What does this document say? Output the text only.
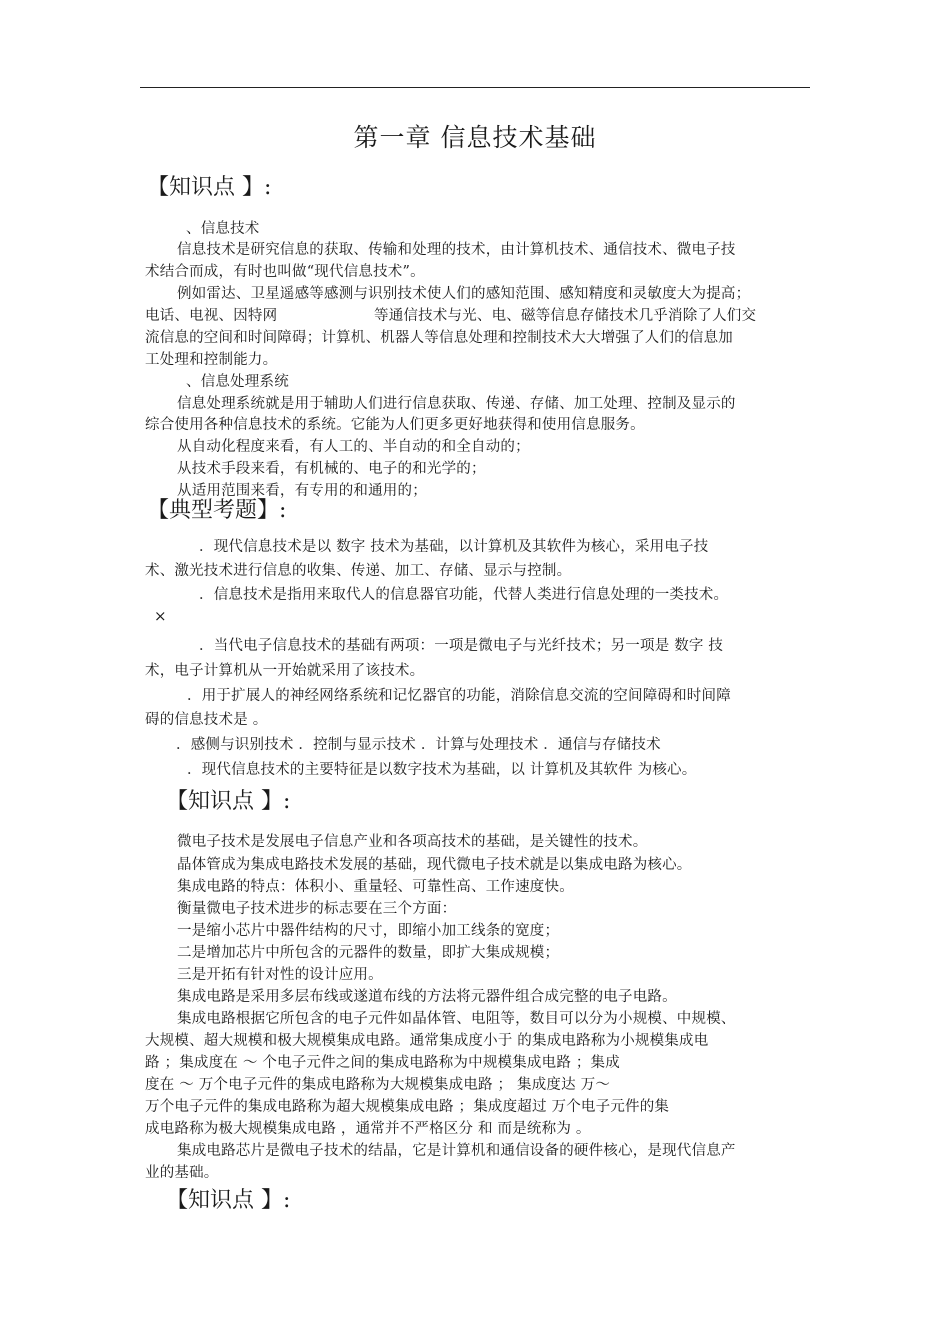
第一章 信息技术基础
【知识点 】:
、信息技术
信息技术是研究信息的获取、传输和处理的技术，由计算机技术、通信技术、微电子技
术结合而成，有时也叫做“现代信息技术”。
例如雷达、卫星遥感等感测与识别技术使人们的感知范围、感知精度和灵敏度大为提高；
电话、电视、因特网	等通信技术与光、电、磁等信息存储技术几乎消除了人们交
流信息的空间和时间障碍；计算机、机器人等信息处理和控制技术大大增强了人们的信息加
工处理和控制能力。
、信息处理系统
信息处理系统就是用于辅助人们进行信息获取、传递、存储、加工处理、控制及显示的
综合使用各种信息技术的系统。它能为人们更多更好地获得和使用信息服务。
从自动化程度来看，有人工的、半自动的和全自动的；
从技术手段来看，有机械的、电子的和光学的；
从适用范围来看，有专用的和通用的；
【典型考题】:
．现代信息技术是以 数字 技术为基础，以计算机及其软件为核心，采用电子技
术、激光技术进行信息的收集、传递、加工、存储、显示与控制。
．信息技术是指用来取代人的信息器官功能，代替人类进行信息处理的一类技术。
×
．当代电子信息技术的基础有两项：一项是微电子与光纤技术；另一项是 数字 技
术，电子计算机从一开始就采用了该技术。
．用于扩展人的神经网络系统和记忆器官的功能，消除信息交流的空间障碍和时间障
碍的信息技术是 。
．感侧与识别技术 ．控制与显示技术 ．计算与处理技术 ．通信与存储技术
．现代信息技术的主要特征是以数字技术为基础，以 计算机及其软件 为核心。
【知识点 】:
微电子技术是发展电子信息产业和各项高技术的基础，是关键性的技术。
晶体管成为集成电路技术发展的基础，现代微电子技术就是以集成电路为核心。
集成电路的特点：体积小、重量轻、可靠性高、工作速度快。
衡量微电子技术进步的标志要在三个方面：
一是缩小芯片中器件结构的尺寸，即缩小加工线条的宽度；
二是增加芯片中所包含的元器件的数量，即扩大集成规模；
三是开拓有针对性的设计应用。
集成电路是采用多层布线或遂道布线的方法将元器件组合成完整的电子电路。
集成电路根据它所包含的电子元件如晶体管、电阻等，数目可以分为小规模、中规模、
大规模、超大规模和极大规模集成电路。通常集成度小于 的集成电路称为小规模集成电
路 ；集成度在 ～ 个电子元件之间的集成电路称为中规模集成电路 ；集成
度在 ～ 万个电子元件的集成电路称为大规模集成电路 ； 集成度达 万～
万个电子元件的集成电路称为超大规模集成电路 ；集成度超过 万个电子元件的集
成电路称为极大规模集成电路 ，通常并不严格区分 和 而是统称为 。
集成电路芯片是微电子技术的结晶，它是计算机和通信设备的硬件核心，是现代信息产
业的基础。
【知识点 】:
